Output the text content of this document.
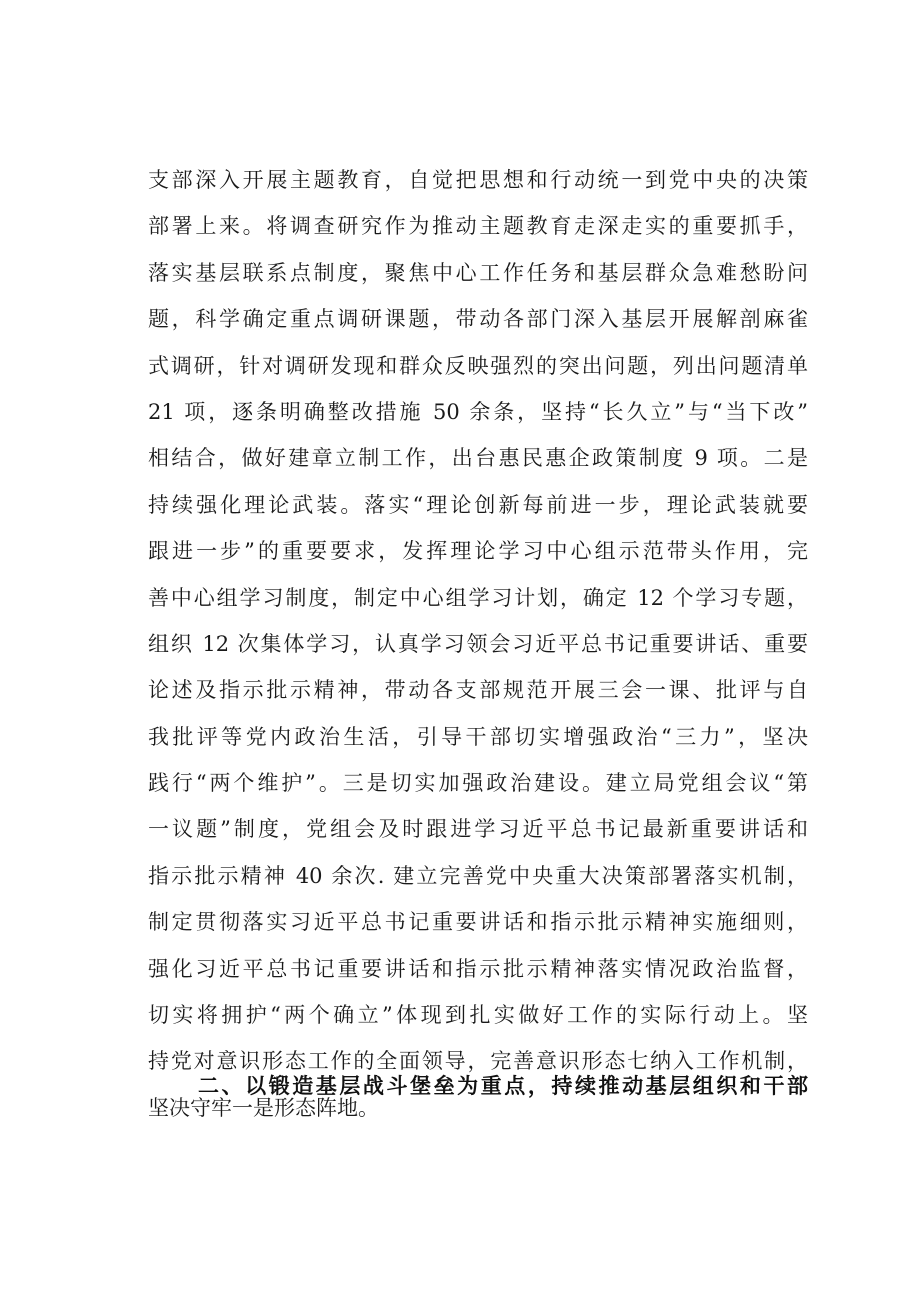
支部深入开展主题教育，自觉把思想和行动统一到党中央的决策
部署上来。将调查研究作为推动主题教育走深走实的重要抓手，
落实基层联系点制度，聚焦中心工作任务和基层群众急难愁盼问
题，科学确定重点调研课题，带动各部门深入基层开展解剖麻雀
式调研，针对调研发现和群众反映强烈的突出问题，列出问题清单
21 项，逐条明确整改措施 50 余条，坚持“长久立”与“当下改”
相结合，做好建章立制工作，出台惠民惠企政策制度 9 项。二是
持续强化理论武装。落实“理论创新每前进一步，理论武装就要
跟进一步”的重要要求，发挥理论学习中心组示范带头作用，完
善中心组学习制度，制定中心组学习计划，确定 12 个学习专题，
组织 12 次集体学习，认真学习领会习近平总书记重要讲话、重要
论述及指示批示精神，带动各支部规范开展三会一课、批评与自
我批评等党内政治生活，引导干部切实增强政治“三力”，坚决
践行“两个维护”。三是切实加强政治建设。建立局党组会议“第
一议题”制度，党组会及时跟进学习近平总书记最新重要讲话和
指示批示精神 40 余次. 建立完善党中央重大决策部署落实机制，
制定贯彻落实习近平总书记重要讲话和指示批示精神实施细则，
强化习近平总书记重要讲话和指示批示精神落实情况政治监督，
切实将拥护“两个确立”体现到扎实做好工作的实际行动上。坚
持党对意识形态工作的全面领导，完善意识形态七纳入工作机制，
坚决守牢一是形态阵地。
二、以锻造基层战斗堡垒为重点，持续推动基层组织和干部
